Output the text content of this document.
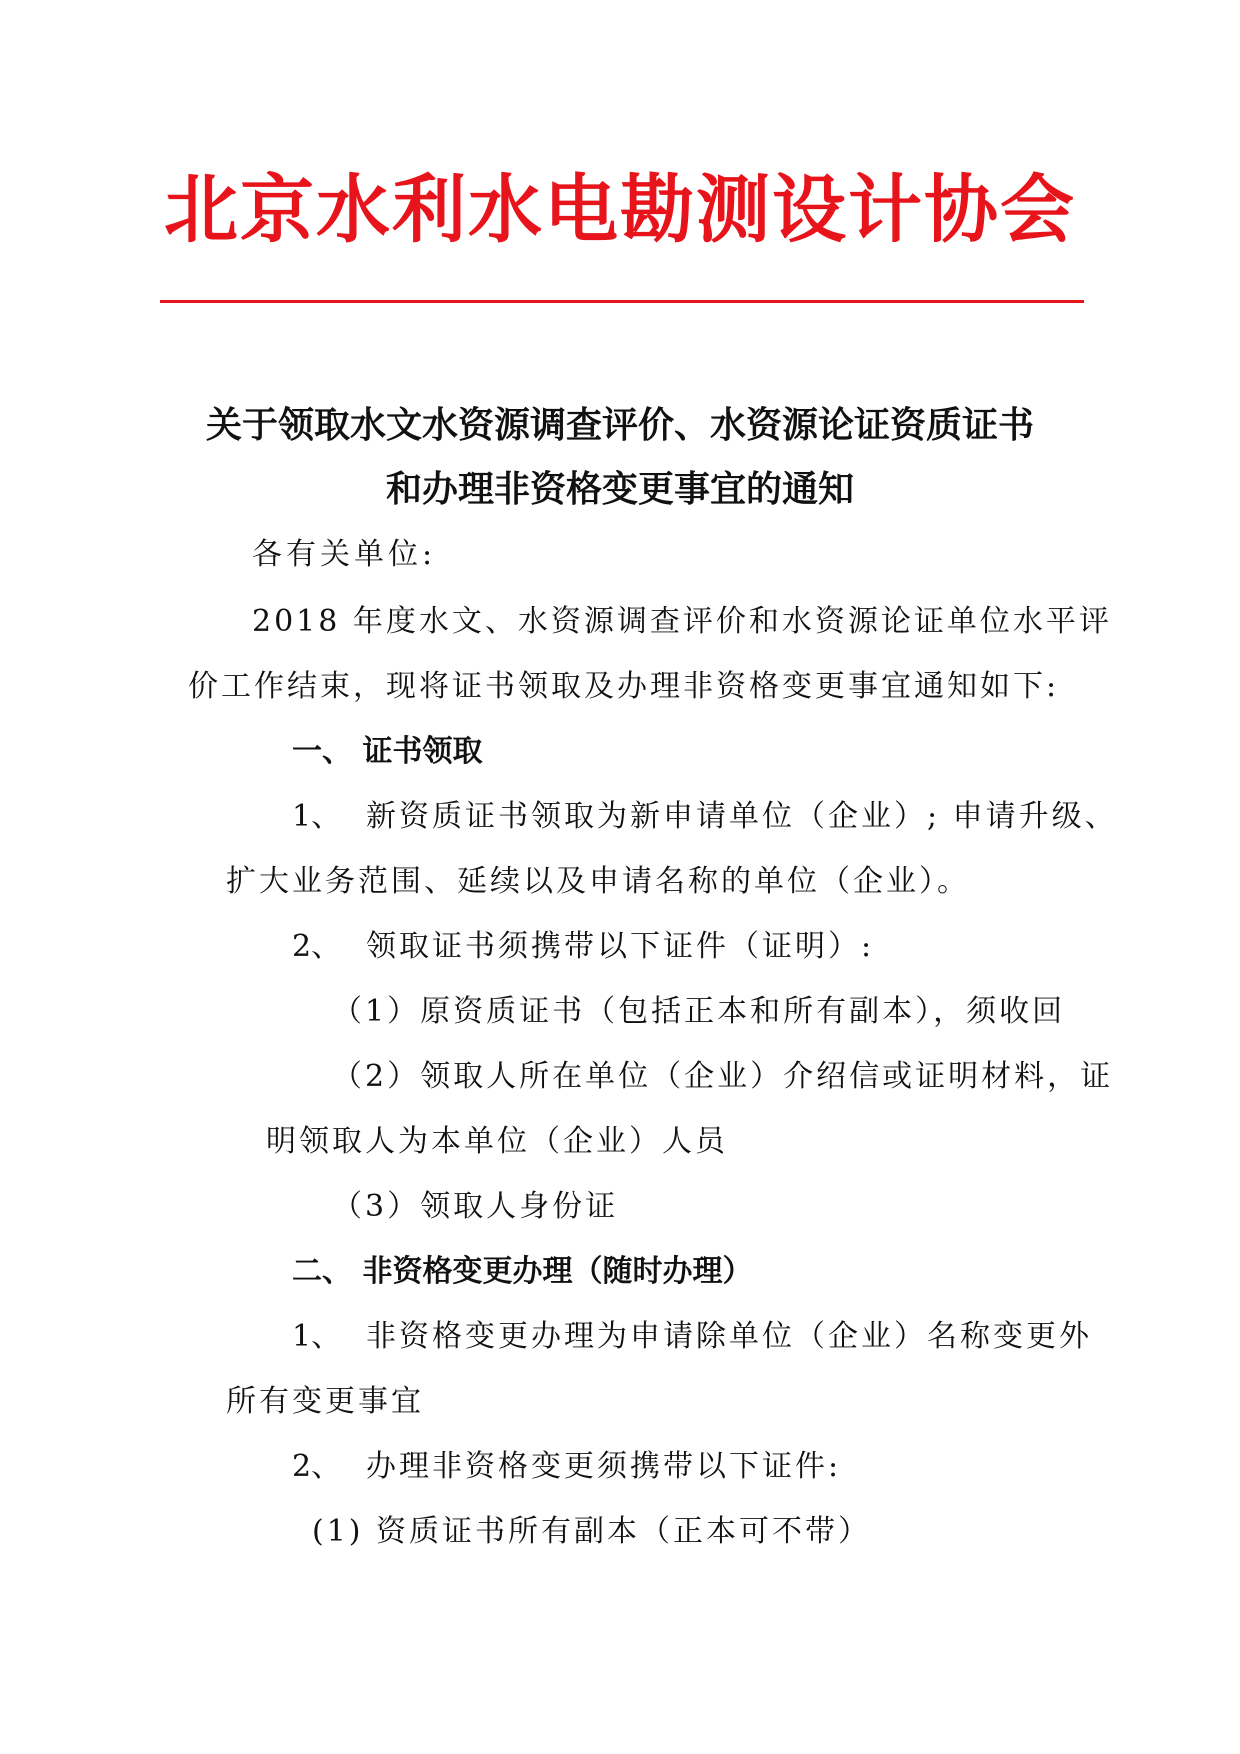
北京水利水电勘测设计协会
关于领取水文水资源调查评价、水资源论证资质证书
和办理非资格变更事宜的通知
各有关单位:
2018 年度水文、水资源调查评价和水资源论证单位水平评
价工作结束，现将证书领取及办理非资格变更事宜通知如下:
一、 证书领取
1、 新资质证书领取为新申请单位（企业）; 申请升级、
扩大业务范围、延续以及申请名称的单位（企业）。
2、 领取证书须携带以下证件（证明）:
（1）原资质证书（包括正本和所有副本），须收回
（2）领取人所在单位（企业）介绍信或证明材料，证
明领取人为本单位（企业）人员
（3）领取人身份证
二、 非资格变更办理（随时办理）
1、 非资格变更办理为申请除单位（企业）名称变更外
所有变更事宜
2、 办理非资格变更须携带以下证件:
(1) 资质证书所有副本（正本可不带）
